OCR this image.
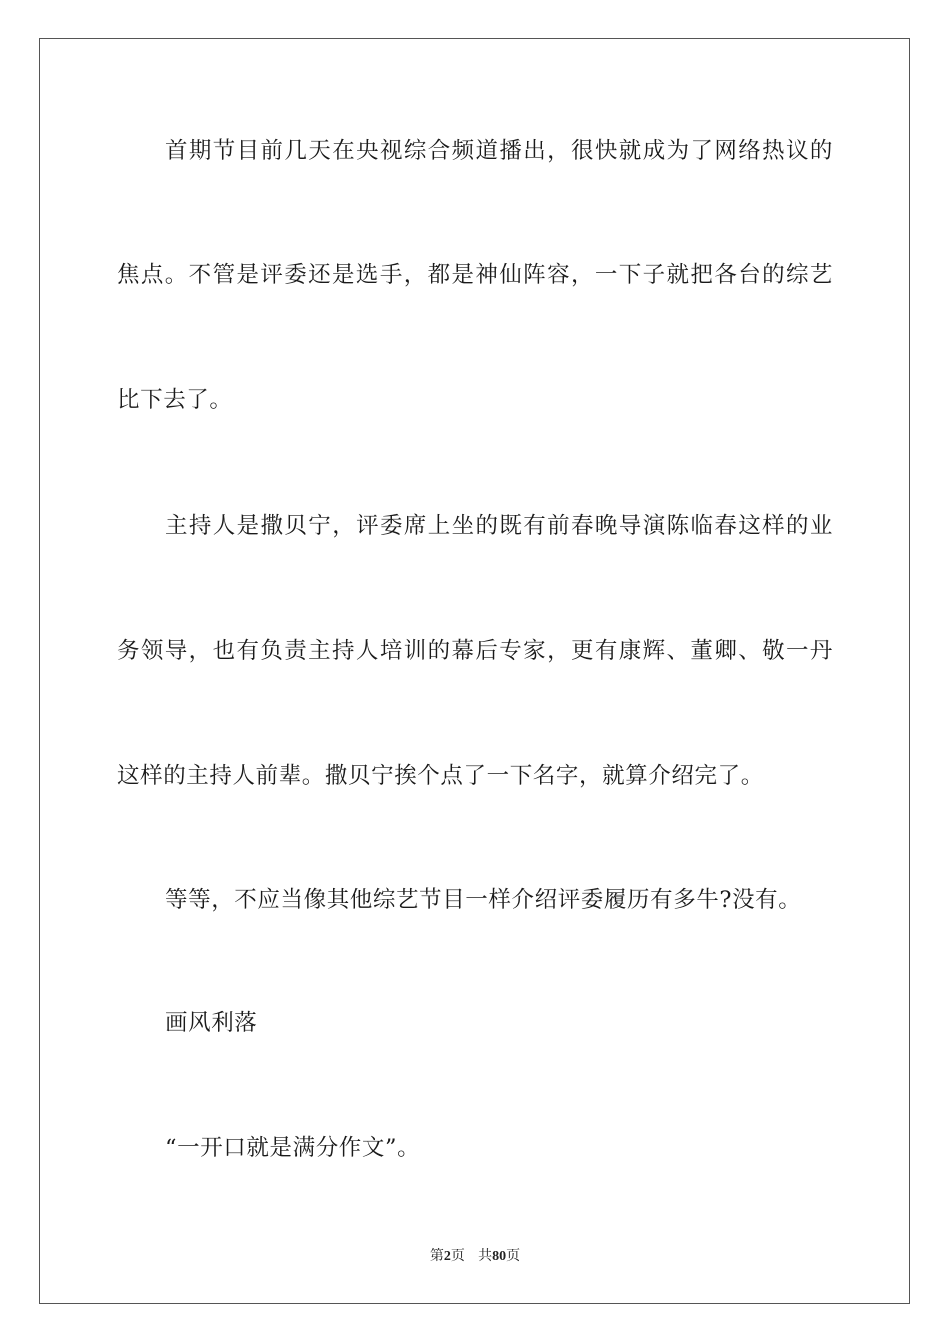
首期节目前几天在央视综合频道播出，很快就成为了网络热议的
焦点。不管是评委还是选手，都是神仙阵容，一下子就把各台的综艺
比下去了。
主持人是撒贝宁，评委席上坐的既有前春晚导演陈临春这样的业
务领导，也有负责主持人培训的幕后专家，更有康辉、董卿、敬一丹
这样的主持人前辈。撒贝宁挨个点了一下名字，就算介绍完了。
等等，不应当像其他综艺节目一样介绍评委履历有多牛?没有。
画风利落
“一开口就是满分作文”。
第2页   共80页
